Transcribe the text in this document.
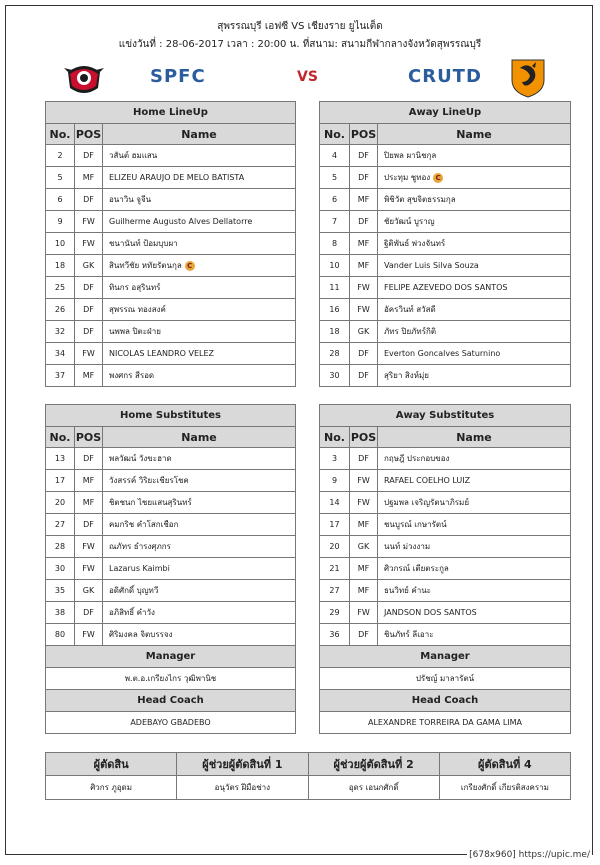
สุพรรณบุรี เอฟซี VS เชียงราย ยูไนเต็ด
แข่งวันที่ : 28-06-2017 เวลา : 20:00 น. ที่สนาม: สนามกีฬากลางจังหวัดสุพรรณบุรี
SPFC	VS	CRUTD
Home LineUp		
No.	POS	Name
2	DF	วสันต์ ฮมแสน
5	MF	ELIZEU ARAUJO DE MELO BATISTA
6	DF	อนาวิน จูจีน
9	FW	Guilherme Augusto Alves Dellatorre
10	FW	ชนานันท์ ป้อมบุบผา
18	GK	สินทวีชัย หทัยรัตนกุล C
25	DF	ทินกร อสุรินทร์
26	DF	สุพรรณ ทองสงค์
32	DF	นพพล ปิตะฝ่าย
34	FW	NICOLAS LEANDRO VELEZ
37	MF	พงศกร สีรอด
Away LineUp		
No.	POS	Name
4	DF	ปิยพล ผานิชกุล
5	DF	ประทุม ชูทอง C
6	MF	พิชิวัต สุขจิตธรรมกุล
7	DF	ชัยวัฒน์ บูราญ
8	MF	ฐิติพันธ์ พ่วงจันทร์
10	MF	Vander Luis Silva Souza
11	FW	FELIPE AZEVEDO DOS SANTOS
16	FW	อัครวินท์ สวัสดี
18	GK	ภัทร ปิยภัทร์กิติ
28	DF	Everton Goncalves Saturnino
30	DF	สุริยา สิงห์มุ่ย
Home Substitutes		
No.	POS	Name
13	DF	พลวัฒน์ วังขะฮาด
17	MF	วังสรรค์ วิริยะเชียรโชค
20	MF	ชิตชนก ไชยแสนสุรินทร์
27	DF	คมกริช คำโสกเชือก
28	FW	ณภัทร ธำรงศุภกร
30	FW	Lazarus Kaimbi
35	GK	อดิศักดิ์ บุญทวี
38	DF	อภิสิทธิ์ คำวัง
80	FW	ศิริมงคล จิตบรรจง
Manager		
พ.ต.อ.เกรียงไกร วุฒิพานิช		
Head Coach		
ADEBAYO GBADEBO		
Away Substitutes		
No.	POS	Name
3	DF	กฤษฎี ประกอบของ
9	FW	RAFAEL COELHO LUIZ
14	FW	ปฐมพล เจริญรัตนาภิรมย์
17	MF	ชนบูรณ์ เกษารัตน์
20	GK	นนท์ ม่วงงาม
21	MF	ศิวกรณ์ เตียตระกูล
27	MF	ธนวิทย์ คำนะ
29	FW	JANDSON DOS SANTOS
36	DF	ชินภัทร์ ลีเอาะ
Manager		
ปรัชญ์ มาลารัตน์		
Head Coach		
ALEXANDRE TORREIRA DA GAMA LIMA		
ผู้ตัดสิน	ผู้ช่วยผู้ตัดสินที่ 1	ผู้ช่วยผู้ตัดสินที่ 2	ผู้ตัดสินที่ 4
ศิวกร ภูอุดม	อนุวัตร ฝีมือช่าง	อุดร เอนกศักดิ์	เกรียงศักดิ์ เกียรติสงคราม
[678x960] https://upic.me/
